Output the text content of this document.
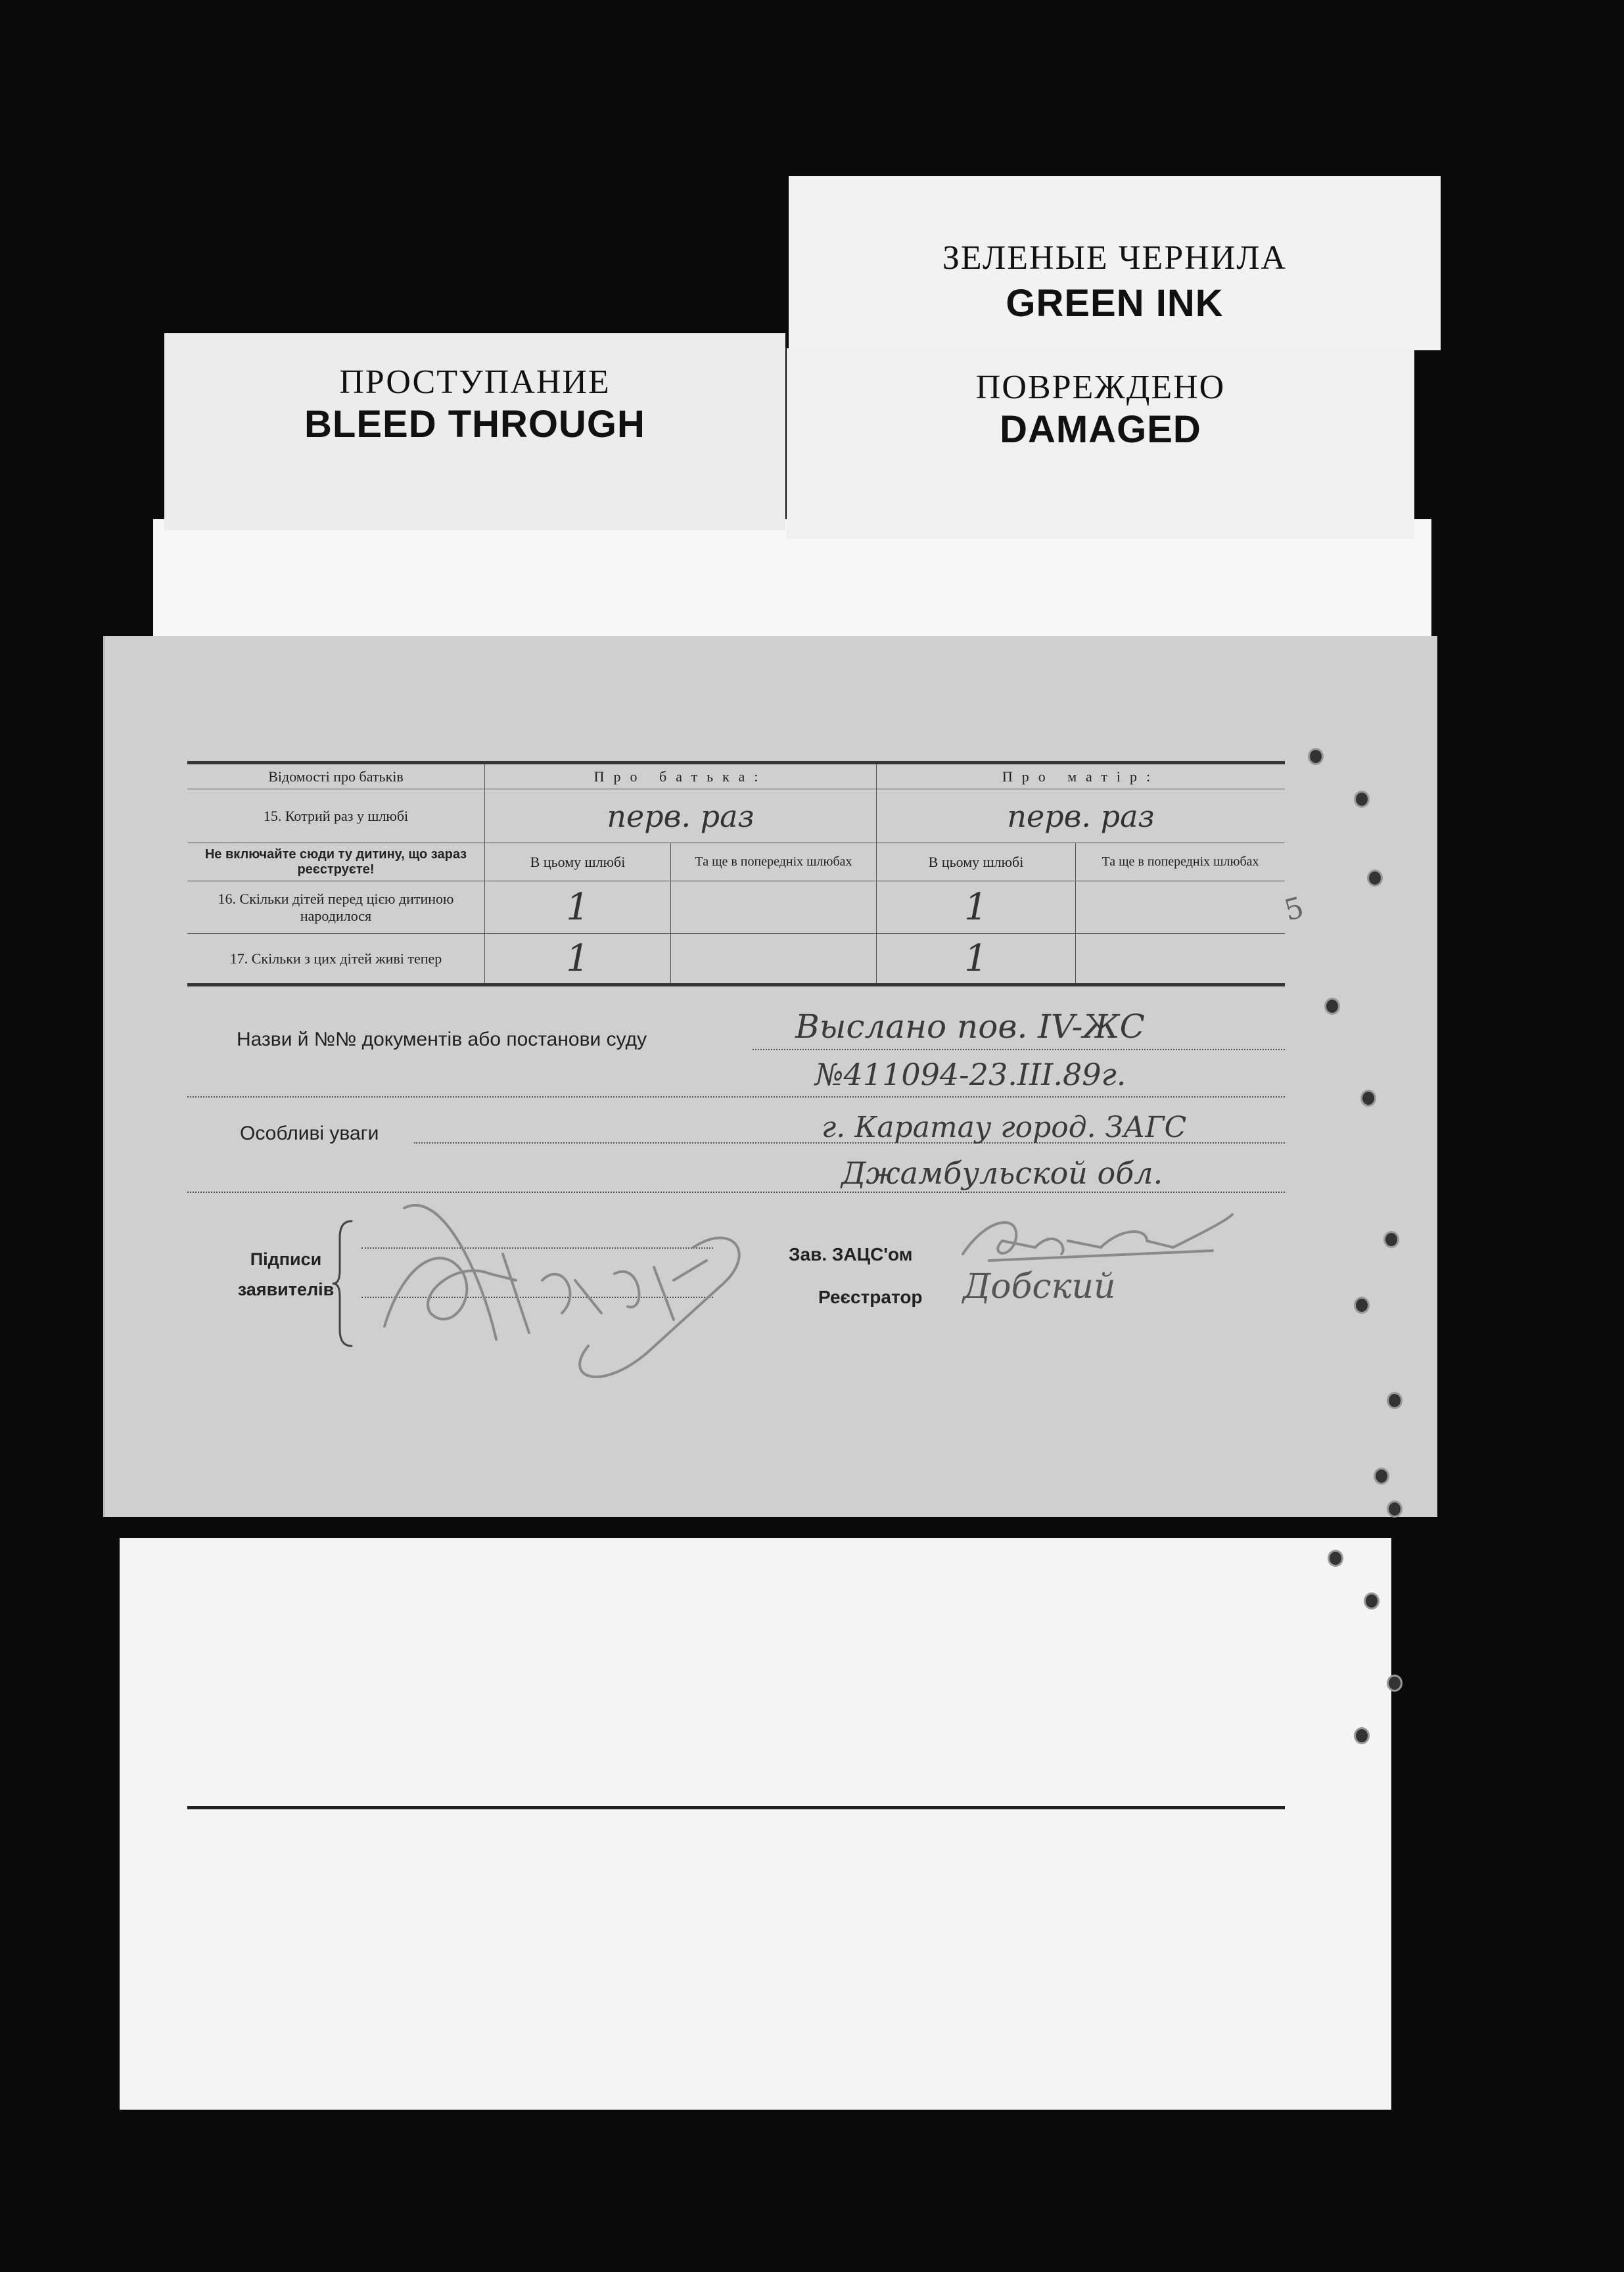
ЗЕЛЕНЫЕ ЧЕРНИЛА
GREEN INK
ПРОСТУПАНИЕ
BLEED THROUGH
ПОВРЕЖДЕНО
DAMAGED
Відомості про батьків	Про батька:		Про матір:	
15. Котрий раз у шлюбі	перв. раз		перв. раз	
Не включайте сюди ту дитину, що зараз реєструєте!	В цьому шлюбі	Та ще в попередніх шлюбах	В цьому шлюбі	Та ще в попередніх шлюбах
16. Скільки дітей перед цією дитиною народилося	1		1	
17. Скільки з цих дітей живі тепер	1		1	
Назви й №№ документів або постанови суду	Выслано пов. IV-ЖС
№411094-23.III.89г.
Особливі уваги	г. Каратау город. ЗАГС
Джамбульской обл.
Підписи заявителів
Зав. ЗАЦС'ом
Реєстратор Добский
5
